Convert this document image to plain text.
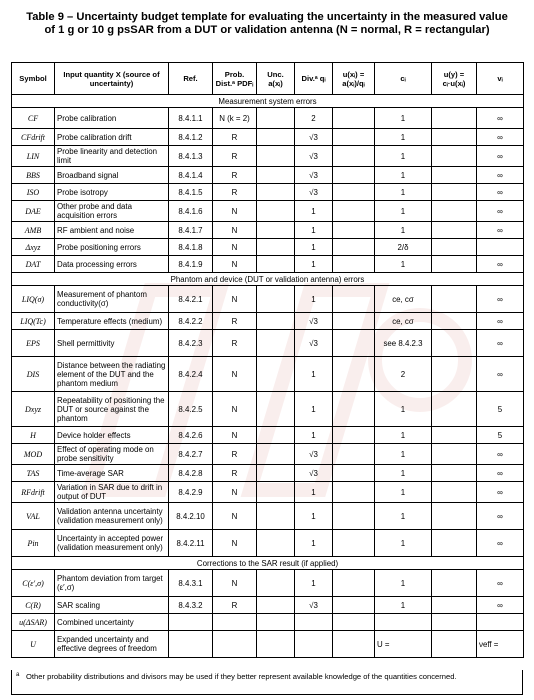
Table 9 – Uncertainty budget template for evaluating the uncertainty in the measured value of 1 g or 10 g psSAR from a DUT or validation antenna (N = normal, R = rectangular)
Symbol	Input quantity X (source of uncertainty)	Ref.	Prob. Dist.ᵃ PDFᵢ	Unc. a(xᵢ)	Div.ᵃ qᵢ	u(xᵢ) = a(xᵢ)/qᵢ	cᵢ	u(y) = cᵢ·u(xᵢ)	vᵢ
Measurement system errors									
CF	Probe calibration	8.4.1.1	N (k = 2)		2		1		∞
CFdrift	Probe calibration drift	8.4.1.2	R		√3		1		∞
LIN	Probe linearity and detection limit	8.4.1.3	R		√3		1		∞
BBS	Broadband signal	8.4.1.4	R		√3		1		∞
ISO	Probe isotropy	8.4.1.5	R		√3		1		∞
DAE	Other probe and data acquisition errors	8.4.1.6	N		1		1		∞
AMB	RF ambient and noise	8.4.1.7	N		1		1		∞
Δxyz	Probe positioning errors	8.4.1.8	N		1		2/δ		
DAT	Data processing errors	8.4.1.9	N		1		1		∞
Phantom and device (DUT or validation antenna) errors									
LIQ(σ)	Measurement of phantom conductivity(σ)	8.4.2.1	N		1		ce, cσ		∞
LIQ(Tc)	Temperature effects (medium)	8.4.2.2	R		√3		ce, cσ		∞
EPS	Shell permittivity	8.4.2.3	R		√3		see 8.4.2.3		∞
DIS	Distance between the radiating element of the DUT and the phantom medium	8.4.2.4	N		1		2		∞
Dxyz	Repeatability of positioning the DUT or source against the phantom	8.4.2.5	N		1		1		5
H	Device holder effects	8.4.2.6	N		1		1		5
MOD	Effect of operating mode on probe sensitivity	8.4.2.7	R		√3		1		∞
TAS	Time-average SAR	8.4.2.8	R		√3		1		∞
RFdrift	Variation in SAR due to drift in output of DUT	8.4.2.9	N		1		1		∞
VAL	Validation antenna uncertainty (validation measurement only)	8.4.2.10	N		1		1		∞
Pin	Uncertainty in accepted power (validation measurement only)	8.4.2.11	N		1		1		∞
Corrections to the SAR result (if applied)									
C(ε′,σ)	Phantom deviation from target (ε′,σ)	8.4.3.1	N		1		1		∞
C(R)	SAR scaling	8.4.3.2	R		√3		1		∞
u(ΔSAR)	Combined uncertainty								
U	Expanded uncertainty and effective degrees of freedom						U =		νeff =
a Other probability distributions and divisors may be used if they better represent available knowledge of the quantities concerned.
